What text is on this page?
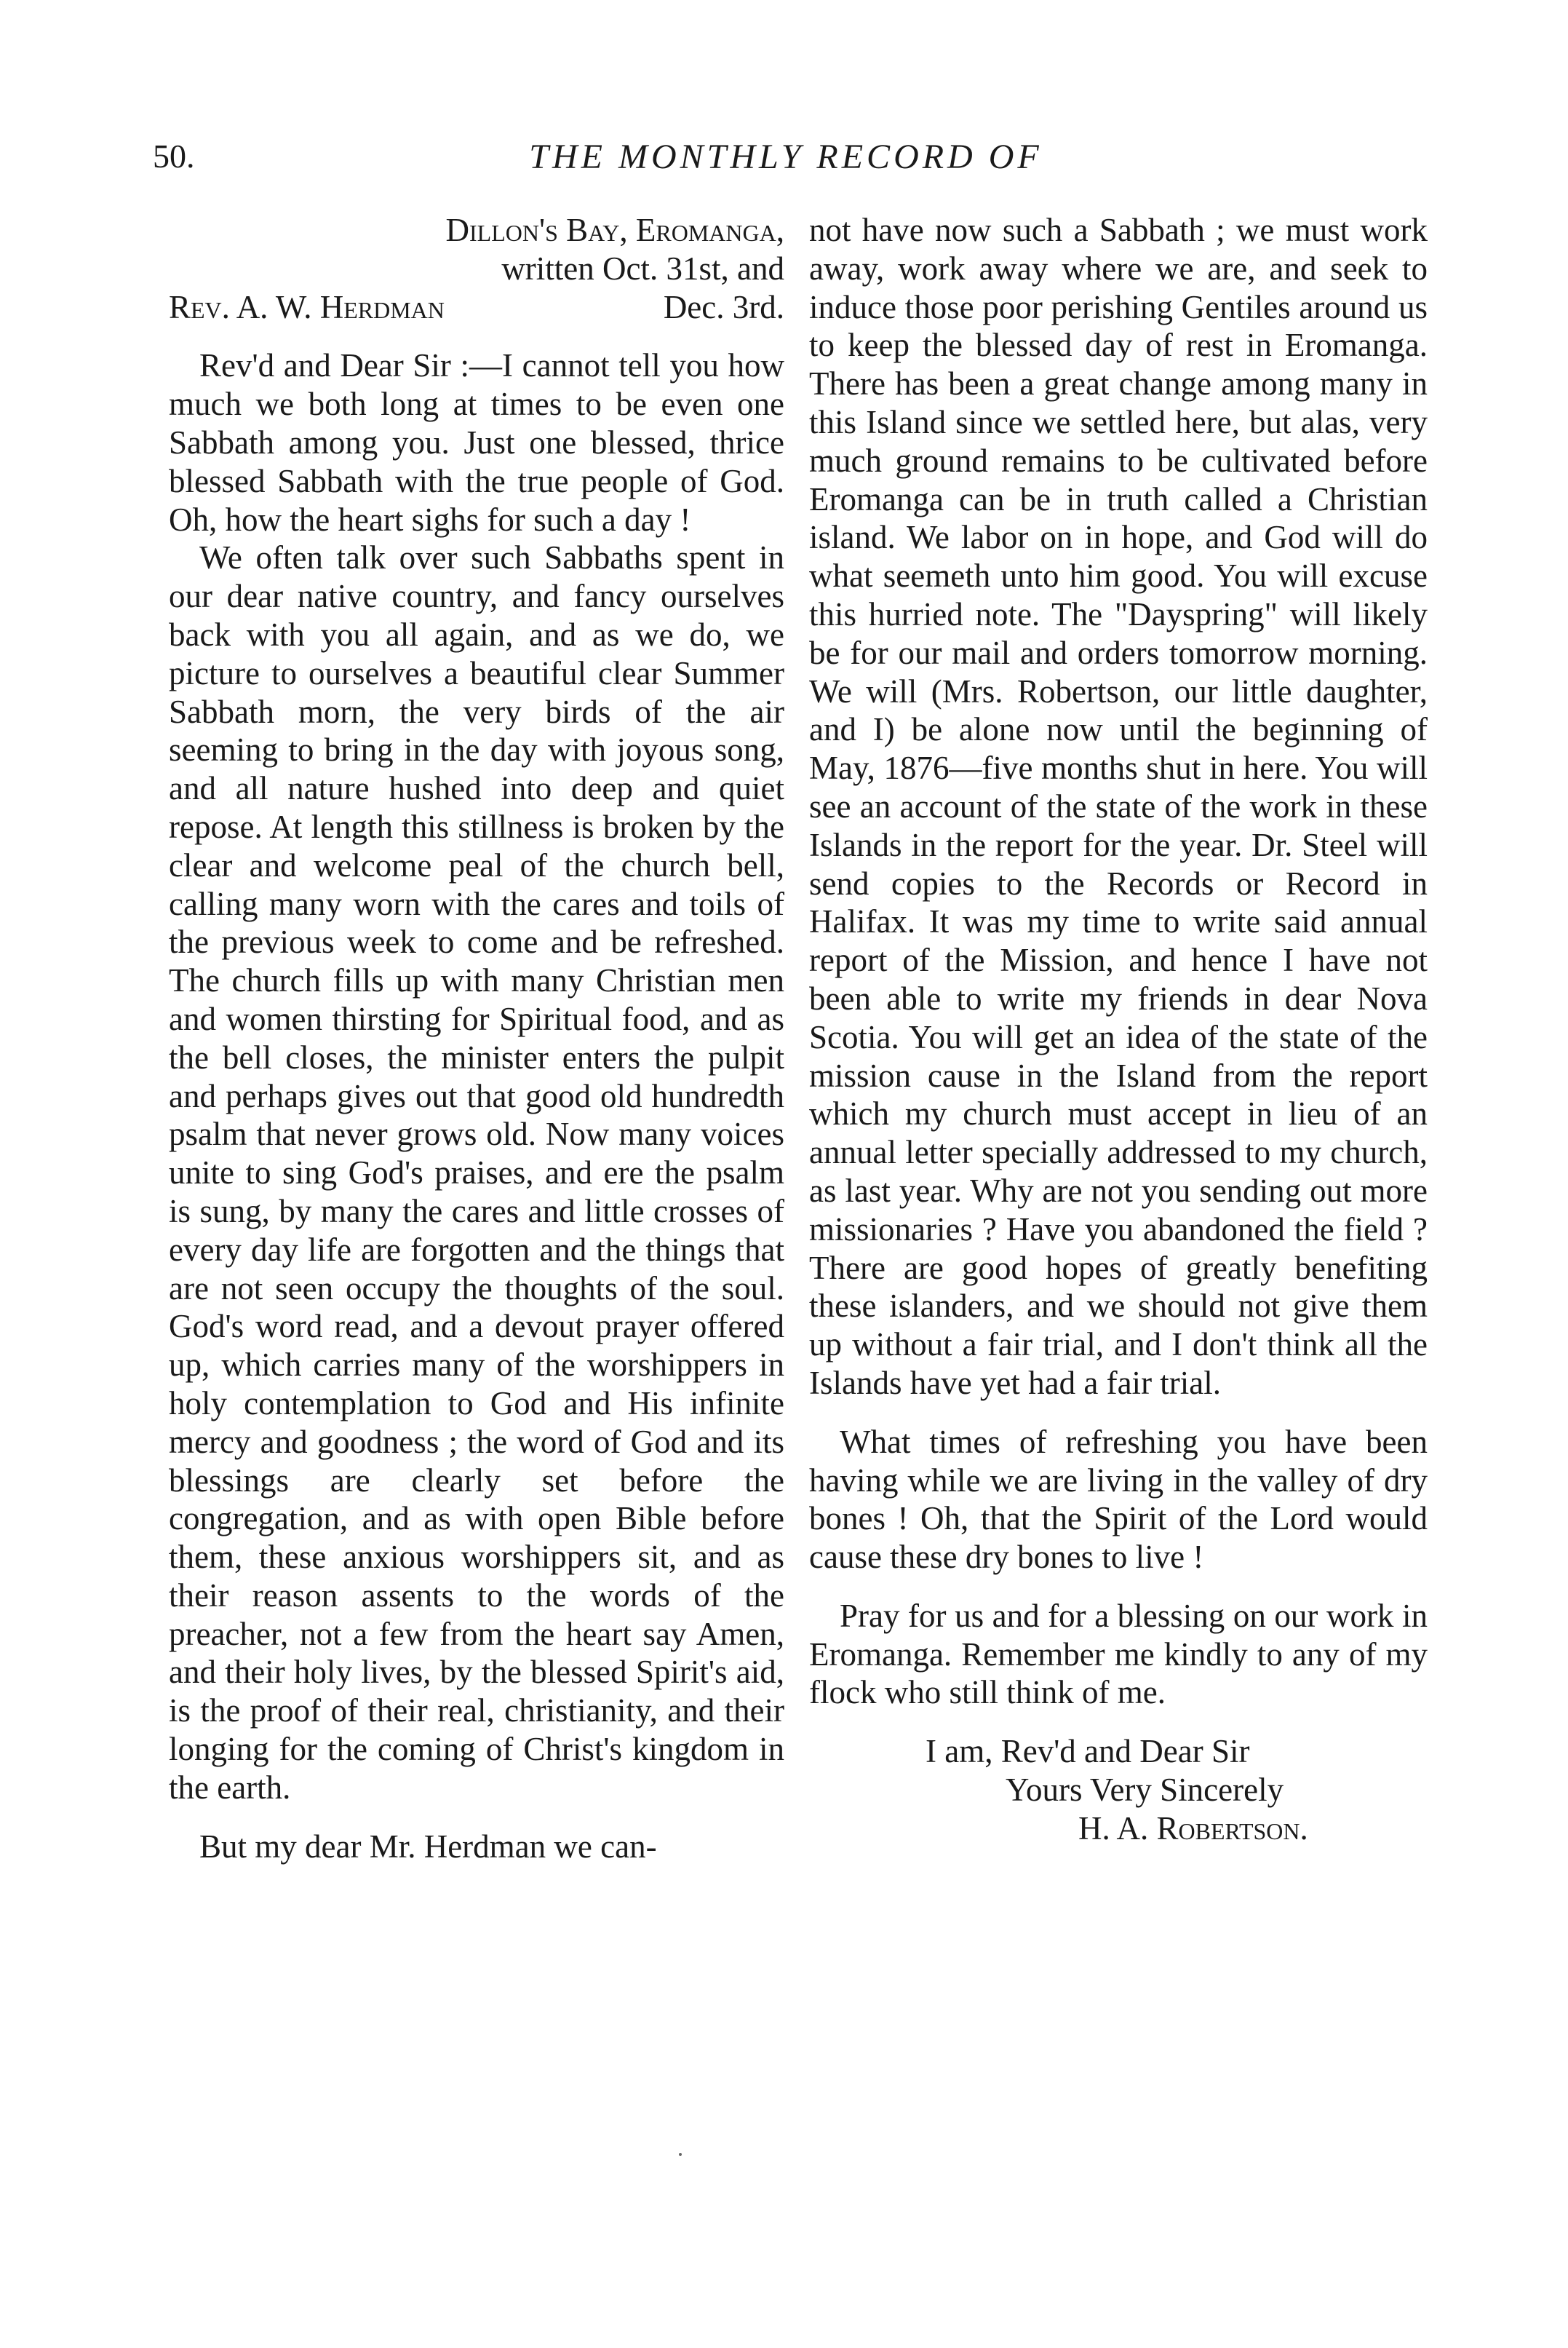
50.	THE MONTHLY RECORD OF
Dillon's Bay, Eromanga,
written Oct. 31st, and
Rev. A. W. Herdman	Dec. 3rd.

Rev'd and Dear Sir :—I cannot tell you how much we both long at times to be even one Sabbath among you. Just one blessed, thrice blessed Sabbath with the true people of God. Oh, how the heart sighs for such a day !

We often talk over such Sabbaths spent in our dear native country, and fancy ourselves back with you all again, and as we do, we picture to ourselves a beautiful clear Summer Sabbath morn, the very birds of the air seeming to bring in the day with joyous song, and all nature hushed into deep and quiet repose. At length this stillness is broken by the clear and welcome peal of the church bell, calling many worn with the cares and toils of the previous week to come and be refreshed. The church fills up with many Christian men and women thirsting for Spiritual food, and as the bell closes, the minister enters the pulpit and perhaps gives out that good old hundredth psalm that never grows old. Now many voices unite to sing God's praises, and ere the psalm is sung, by many the cares and little crosses of every day life are forgotten and the things that are not seen occupy the thoughts of the soul. God's word read, and a devout prayer offered up, which carries many of the worshippers in holy contemplation to God and His infinite mercy and goodness ; the word of God and its blessings are clearly set before the congregation, and as with open Bible before them, these anxious worshippers sit, and as their reason assents to the words of the preacher, not a few from the heart say Amen, and their holy lives, by the blessed Spirit's aid, is the proof of their real, christianity, and their longing for the coming of Christ's kingdom in the earth.

But my dear Mr. Herdman we can-

not have now such a Sabbath ; we must work away, work away where we are, and seek to induce those poor perishing Gentiles around us to keep the blessed day of rest in Eromanga. There has been a great change among many in this Island since we settled here, but alas, very much ground remains to be cultivated before Eromanga can be in truth called a Christian island. We labor on in hope, and God will do what seemeth unto him good. You will excuse this hurried note. The "Dayspring" will likely be for our mail and orders tomorrow morning. We will (Mrs. Robertson, our little daughter, and I) be alone now until the beginning of May, 1876—five months shut in here. You will see an account of the state of the work in these Islands in the report for the year. Dr. Steel will send copies to the Records or Record in Halifax. It was my time to write said annual report of the Mission, and hence I have not been able to write my friends in dear Nova Scotia. You will get an idea of the state of the mission cause in the Island from the report which my church must accept in lieu of an annual letter specially addressed to my church, as last year. Why are not you sending out more missionaries ? Have you abandoned the field ? There are good hopes of greatly benefiting these islanders, and we should not give them up without a fair trial, and I don't think all the Islands have yet had a fair trial.

What times of refreshing you have been having while we are living in the valley of dry bones ! Oh, that the Spirit of the Lord would cause these dry bones to live !

Pray for us and for a blessing on our work in Eromanga. Remember me kindly to any of my flock who still think of me.

I am, Rev'd and Dear Sir
Yours Very Sincerely
H. A. Robertson.
